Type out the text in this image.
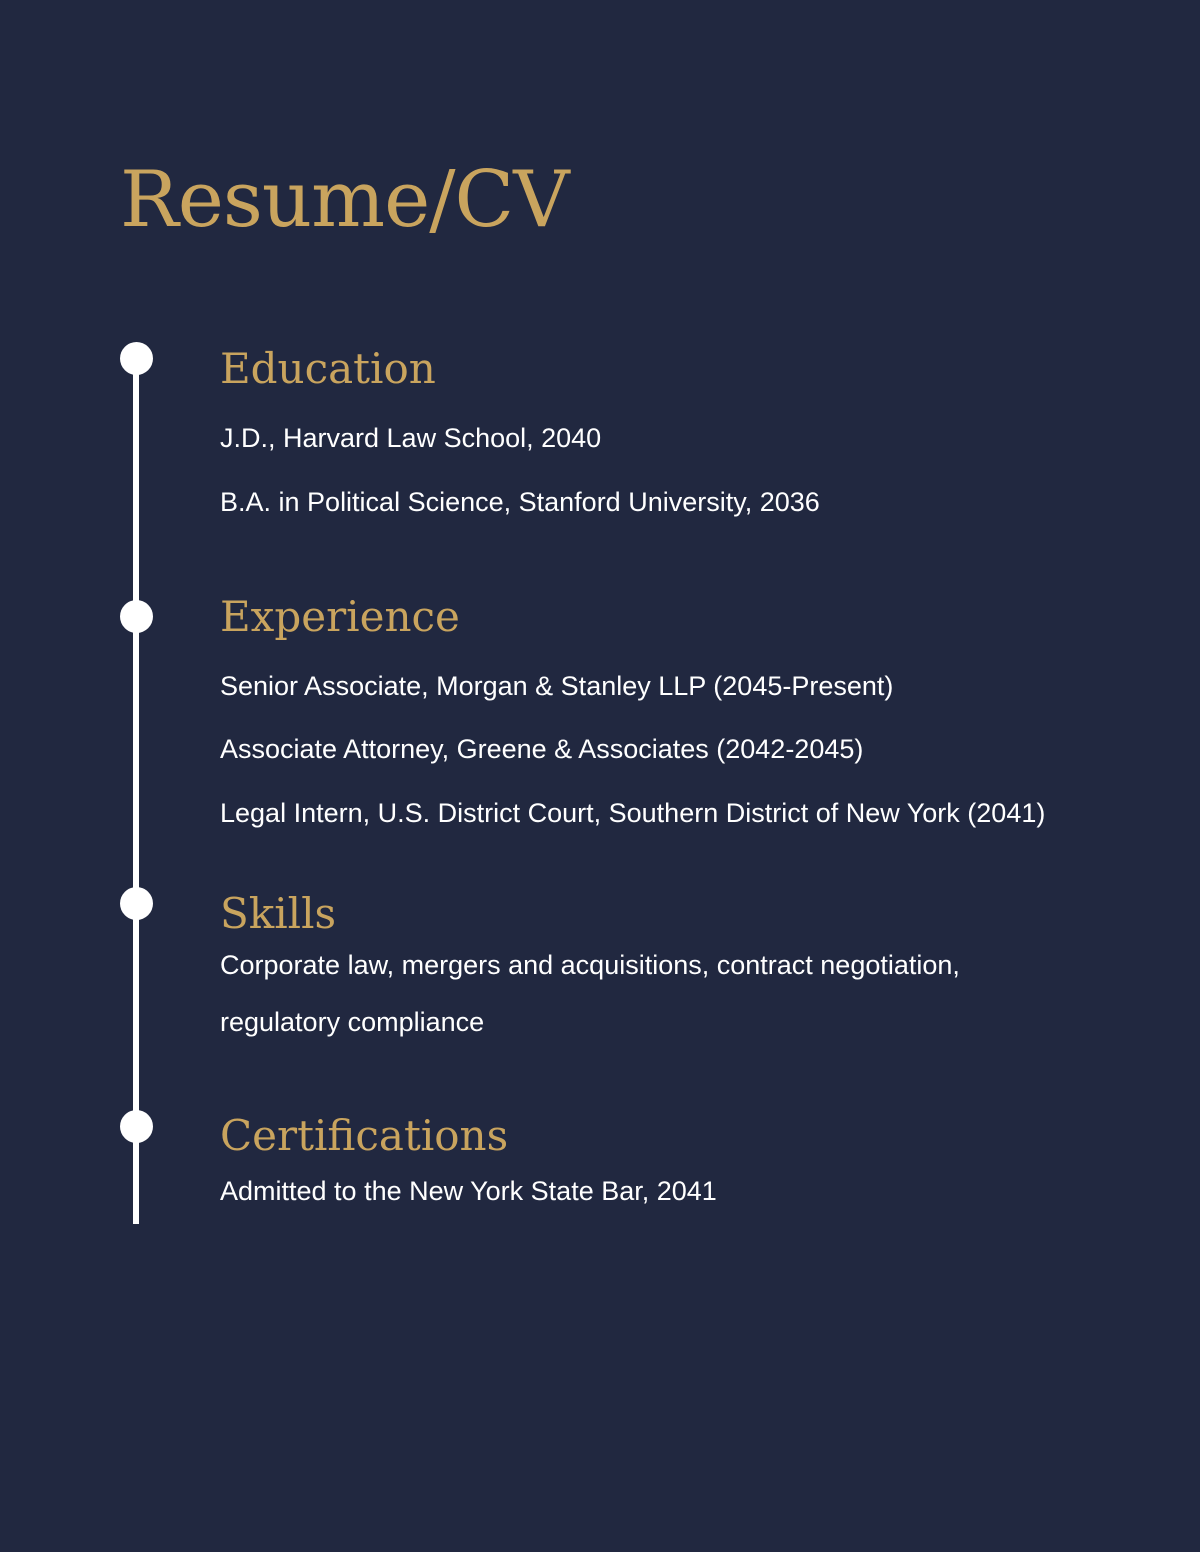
Resume/CV
Education
J.D., Harvard Law School, 2040
B.A. in Political Science, Stanford University, 2036
Experience
Senior Associate, Morgan & Stanley LLP (2045-Present)
Associate Attorney, Greene & Associates (2042-2045)
Legal Intern, U.S. District Court, Southern District of New York (2041)
Skills
Corporate law, mergers and acquisitions, contract negotiation,
regulatory compliance
Certifications
Admitted to the New York State Bar, 2041
